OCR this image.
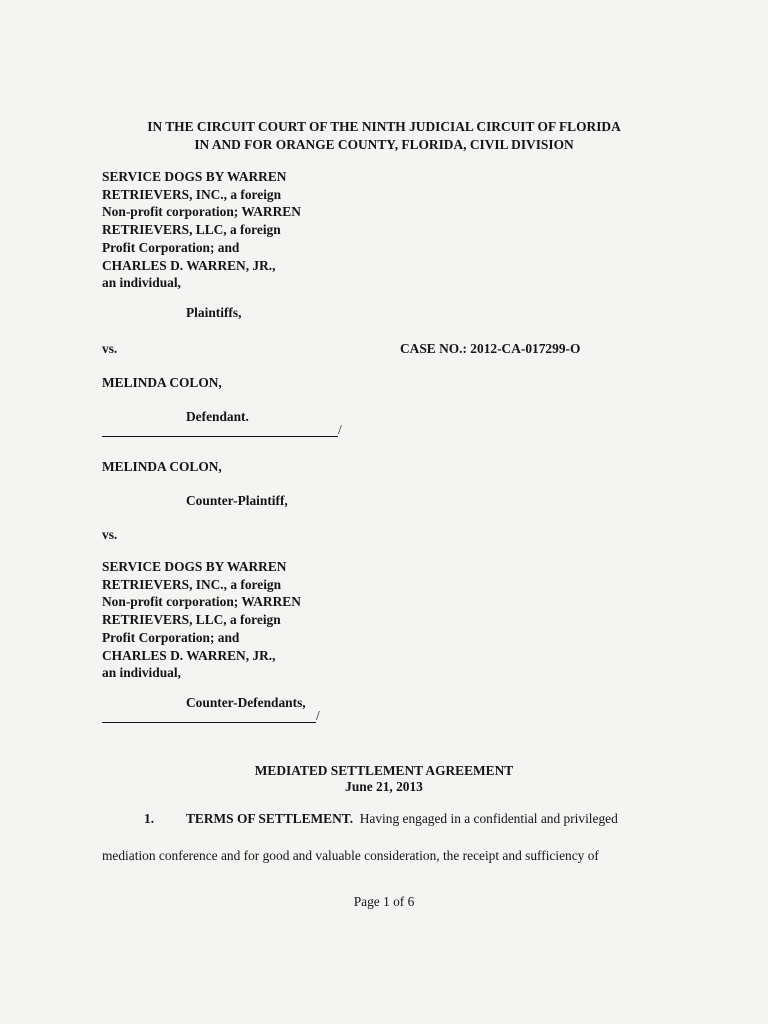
IN THE CIRCUIT COURT OF THE NINTH JUDICIAL CIRCUIT OF FLORIDA
IN AND FOR ORANGE COUNTY, FLORIDA, CIVIL DIVISION
SERVICE DOGS BY WARREN
RETRIEVERS, INC., a foreign
Non-profit corporation; WARREN
RETRIEVERS, LLC, a foreign
Profit Corporation; and
CHARLES D. WARREN, JR.,
an individual,
Plaintiffs,
vs.	CASE NO.: 2012-CA-017299-O
MELINDA COLON,
Defendant.
/
MELINDA COLON,
Counter-Plaintiff,
vs.
SERVICE DOGS BY WARREN
RETRIEVERS, INC., a foreign
Non-profit corporation; WARREN
RETRIEVERS, LLC, a foreign
Profit Corporation; and
CHARLES D. WARREN, JR.,
an individual,
Counter-Defendants,
/
MEDIATED SETTLEMENT AGREEMENT
June 21, 2013
1. TERMS OF SETTLEMENT. Having engaged in a confidential and privileged
mediation conference and for good and valuable consideration, the receipt and sufficiency of
Page 1 of 6
